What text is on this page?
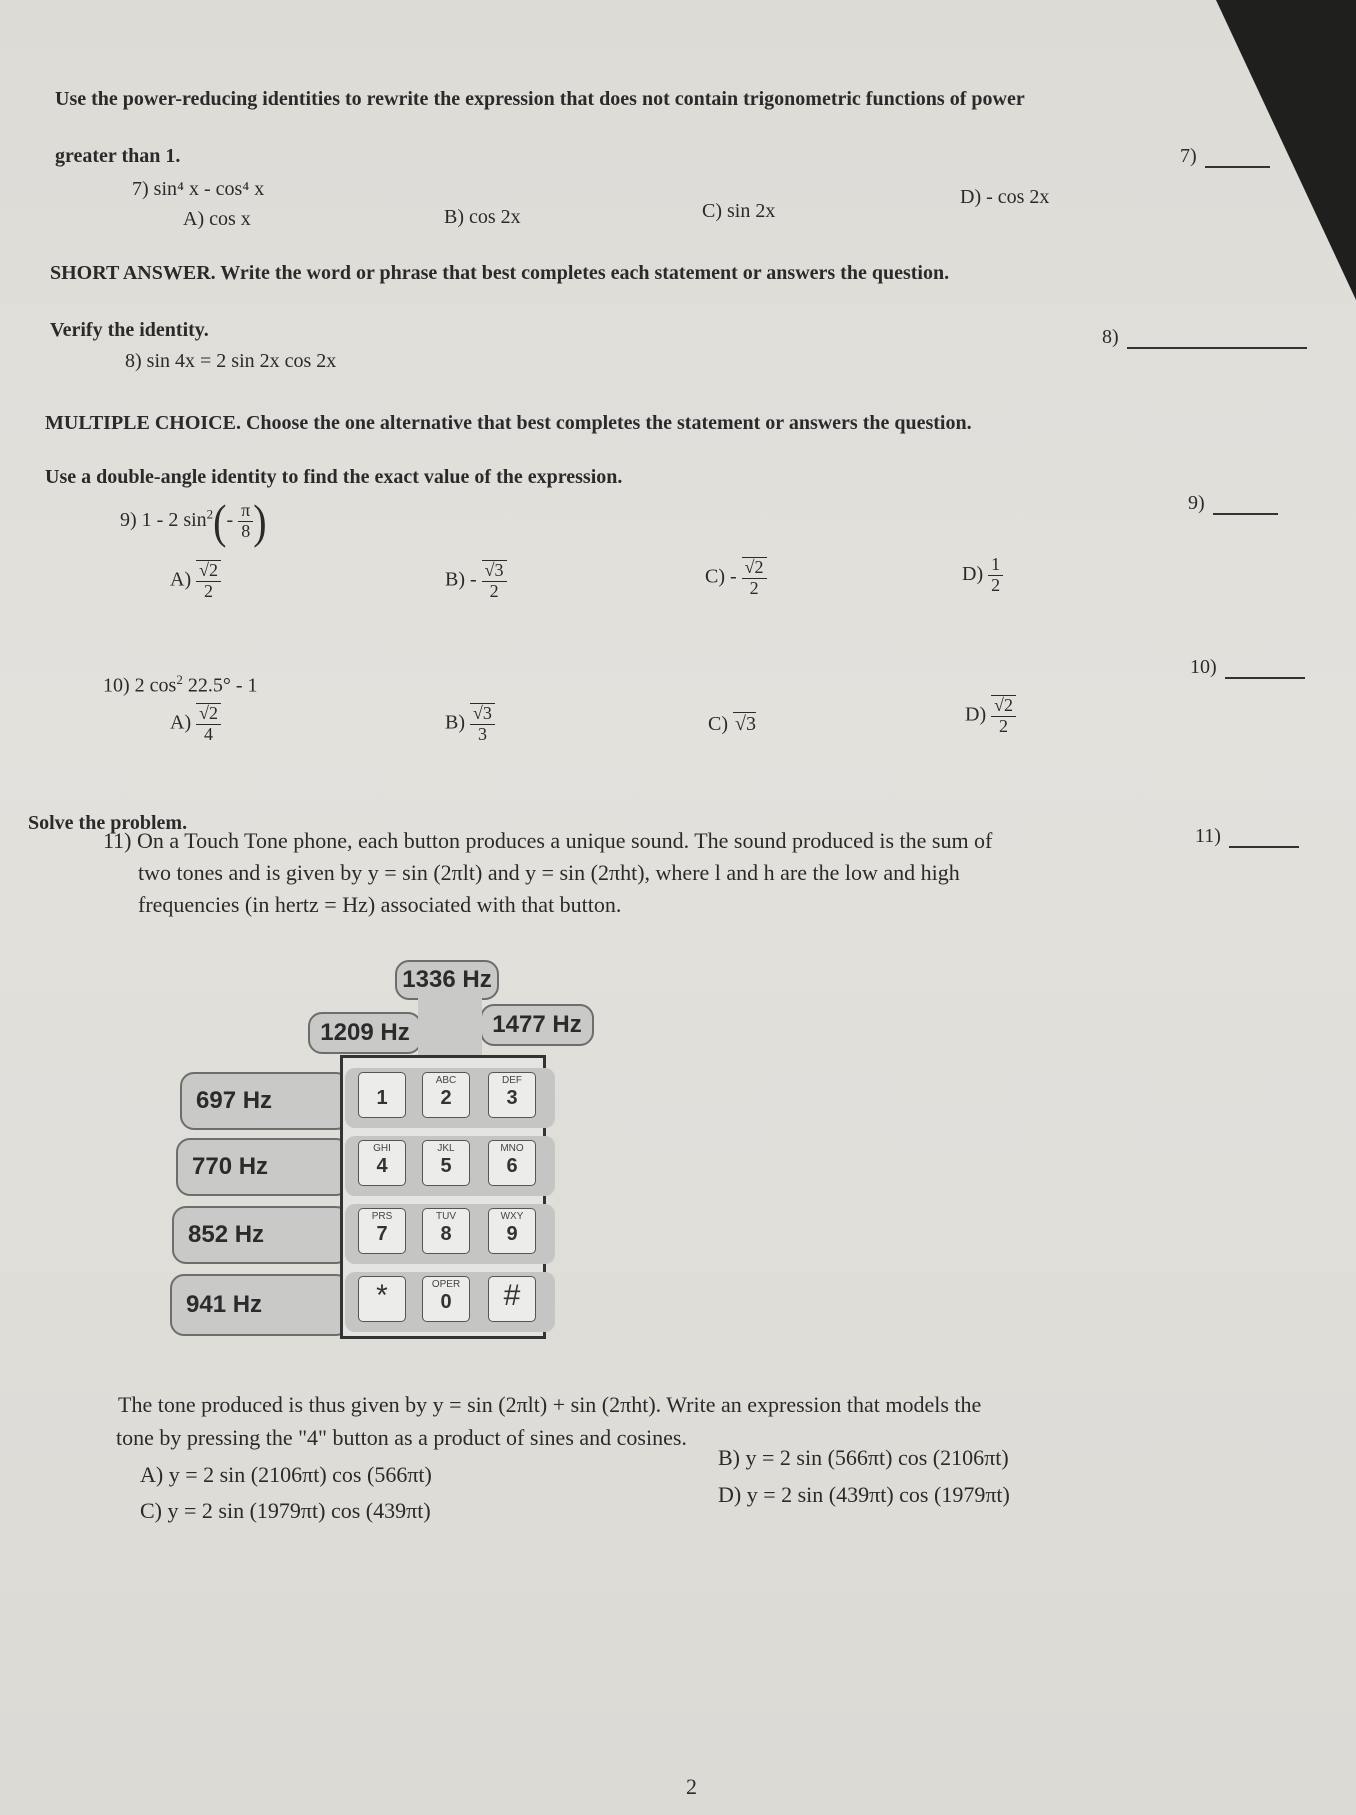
Use the power-reducing identities to rewrite the expression that does not contain trigonometric functions of power
greater than 1.	7)
7) sin⁴ x - cos⁴ x
A) cos x	B) cos 2x	C) sin 2x
D) - cos 2x
SHORT ANSWER. Write the word or phrase that best completes each statement or answers the question.
Verify the identity.	8)
8) sin 4x = 2 sin 2x cos 2x
MULTIPLE CHOICE. Choose the one alternative that best completes the statement or answers the question.
Use a double-angle identity to find the exact value of the expression.
9)
9) 1 - 2 $\sin^2(- \frac{\pi}{8}$ )
$A) \frac{√2}{2}$	$B) - \frac{√3}{2}$	$C) - \frac{√2}{2}$	$D) \frac{1}{2}$
10)
10) 2 $\cos^2 22.5^\circ - 1$
$A) \frac{√2}{4}$	$B) \frac{√3}{3}$	C) √3	$D) \frac{√2}{2}$
Solve the problem.
11)
11) On a Touch Tone phone, each button produces a unique sound. The sound produced is the sum of
two tones and is given by y = sin (2πlt) and y = sin (2πht), where l and h are the low and high
frequencies (in hertz = Hz) associated with that button.
1336 Hz
1209 Hz	1477 Hz
697 Hz
770 Hz
852 Hz
941 Hz
1
ABC
2
DEF
3
GHI
4
JKL
5
MNO
6
PRS
7
TUV
8
WXY
9
*	OPER
0	#
The tone produced is thus given by y = sin (2πlt) + sin (2πht). Write an expression that models the
tone by pressing the "4" button as a product of sines and cosines.
A) y = 2 sin (2106πt) cos (566πt)
B) y = 2 sin (566πt) cos (2106πt)
C) y = 2 sin (1979πt) cos (439πt)
D) y = 2 sin (439πt) cos (1979πt)
2
